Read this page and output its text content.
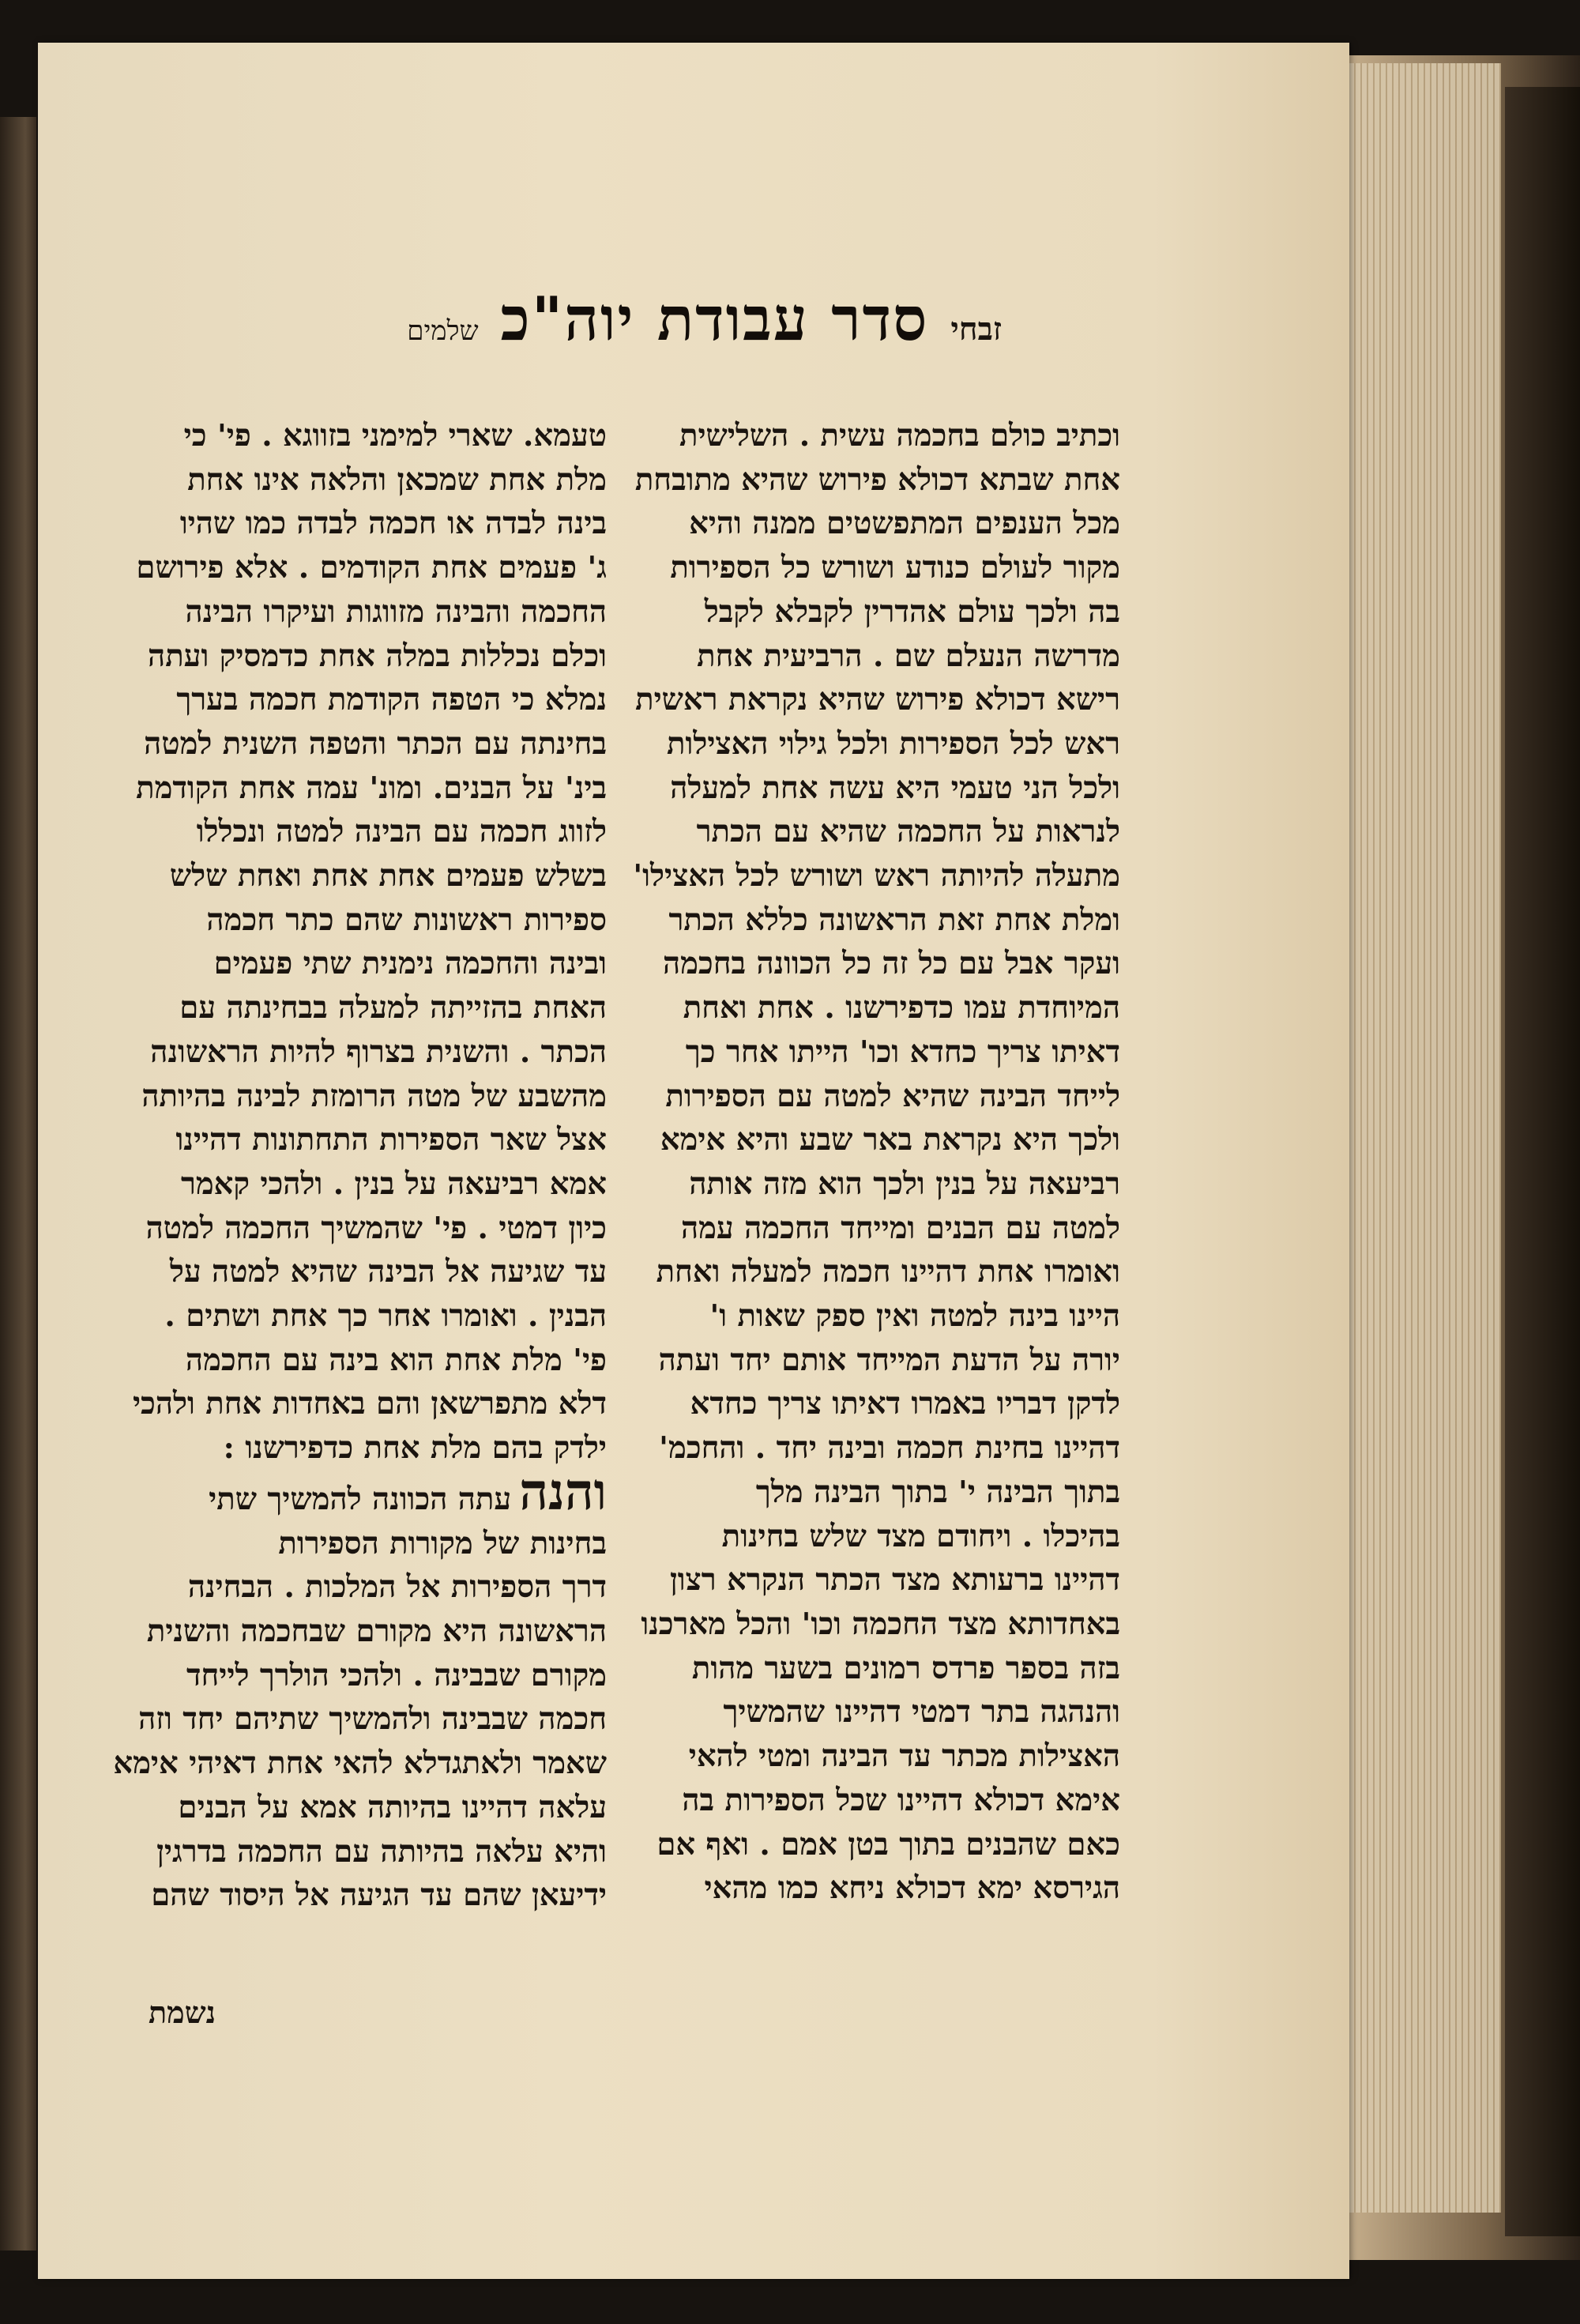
זבחי
סדר עבודת יוה"כ
שלמים
וכתיב כולם בחכמה עשית . השלישית
אחת שבתא דכולא פירוש שהיא מתובחת
מכל הענפים המתפשטים ממנה והיא
מקור לעולם כנודע ושורש כל הספירות
בה ולכך עולם אהדרין לקבלא לקבל
מדרשה הנעלם שם . הרביעית אחת
רישא דכולא פירוש שהיא נקראת ראשית
ראש לכל הספירות ולכל גילוי האצילות
ולכל הני טעמי היא עשה אחת למעלה
לנראות על החכמה שהיא עם הכתר
מתעלה להיותה ראש ושורש לכל האצילו'
ומלת אחת זאת הראשונה כללא הכתר
ועקר אבל עם כל זה כל הכוונה בחכמה
המיוחדת עמו כדפירשנו . אחת ואחת
דאיתו צריך כחדא וכו' הייתו אחר כך
לייחד הבינה שהיא למטה עם הספירות
ולכך היא נקראת באר שבע והיא אימא
רביעאה על בנין ולכך הוא מזה אותה
למטה עם הבנים ומייחד החכמה עמה
ואומרו אחת דהיינו חכמה למעלה ואחת
היינו בינה למטה ואין ספק שאות ו'
יורה על הדעת המייחד אותם יחד ועתה
לדקן דבריו באמרו דאיתו צריך כחדא
דהיינו בחינת חכמה ובינה יחד . והחכמ'
בתוך הבינה י' בתוך הבינה מלך
בהיכלו . ויחודם מצד שלש בחינות
דהיינו ברעותא מצד הכתר הנקרא רצון
באחדותא מצד החכמה וכו' והכל מארכנו
בזה בספר פרדס רמונים בשער מהות
והנהגה בתר דמטי דהיינו שהמשיך
האצילות מכתר עד הבינה ומטי להאי
אימא דכולא דהיינו שכל הספירות בה
כאם שהבנים בתוך בטן אמם . ואף אם
הגירסא ימא דכולא ניחא כמו מהאי
טעמא. שארי למימני בזווגא . פי' כי
מלת אחת שמכאן והלאה אינו אחת
בינה לבדה או חכמה לבדה כמו שהיו
ג' פעמים אחת הקודמים . אלא פירושם
החכמה והבינה מזווגות ועיקרו הבינה
וכלם נכללות במלה אחת כדמסיק ועתה
נמלא כי הטפה הקודמת חכמה בערך
בחינתה עם הכתר והטפה השנית למטה
בינ' על הבנים. ומונ' עמה אחת הקודמת
לזווג חכמה עם הבינה למטה ונכללו
בשלש פעמים אחת אחת ואחת שלש
ספירות ראשונות שהם כתר חכמה
ובינה והחכמה נימנית שתי פעמים
האחת בהזייתה למעלה בבחינתה עם
הכתר . והשנית בצרוף להיות הראשונה
מהשבע של מטה הרומזת לבינה בהיותה
אצל שאר הספירות התחתונות דהיינו
אמא רביעאה על בנין . ולהכי קאמר
כיון דמטי . פי' שהמשיך החכמה למטה
עד שגיעה אל הבינה שהיא למטה על
הבנין . ואומרו אחר כך אחת ושתים .
פי' מלת אחת הוא בינה עם החכמה
דלא מתפרשאן והם באחדות אחת ולהכי
ילדק בהם מלת אחת כדפירשנו :
והנהעתה הכוונה להמשיך שתי
בחינות של מקורות הספירות
דרך הספירות אל המלכות . הבחינה
הראשונה היא מקורם שבחכמה והשנית
מקורם שבבינה . ולהכי הולרך לייחד
חכמה שבבינה ולהמשיך שתיהם יחד וזה
שאמר ולאתגדלא להאי אחת דאיהי אימא
עלאה דהיינו בהיותה אמא על הבנים
והיא עלאה בהיותה עם החכמה בדרגין
ידיעאן שהם עד הגיעה אל היסוד שהם
נשמת
